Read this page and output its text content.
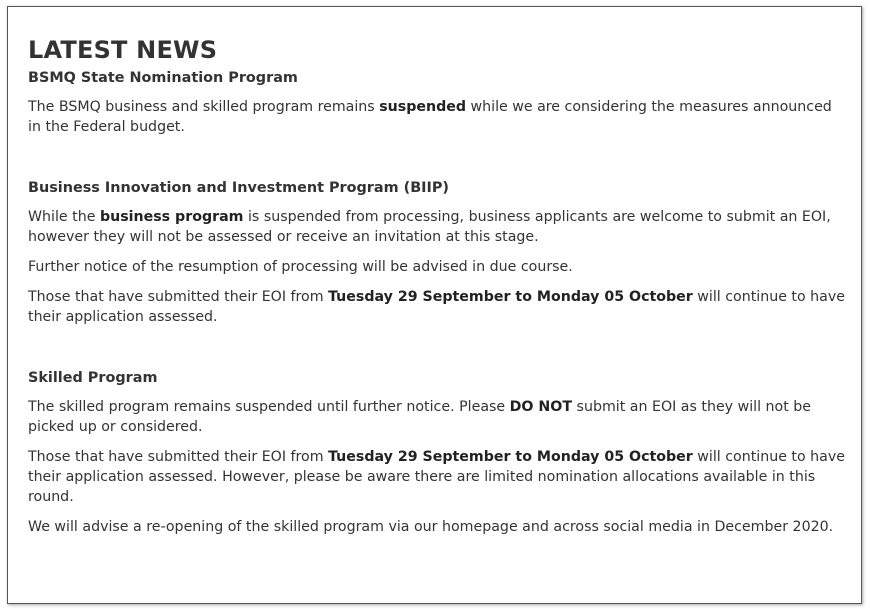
LATEST NEWS
BSMQ State Nomination Program

The BSMQ business and skilled program remains suspended while we are considering the measures announced in the Federal budget.

Business Innovation and Investment Program (BIIP)

While the business program is suspended from processing, business applicants are welcome to submit an EOI, however they will not be assessed or receive an invitation at this stage.

Further notice of the resumption of processing will be advised in due course.

Those that have submitted their EOI from Tuesday 29 September to Monday 05 October will continue to have their application assessed.

Skilled Program

The skilled program remains suspended until further notice. Please DO NOT submit an EOI as they will not be picked up or considered.

Those that have submitted their EOI from Tuesday 29 September to Monday 05 October will continue to have their application assessed. However, please be aware there are limited nomination allocations available in this round.

We will advise a re-opening of the skilled program via our homepage and across social media in December 2020.
